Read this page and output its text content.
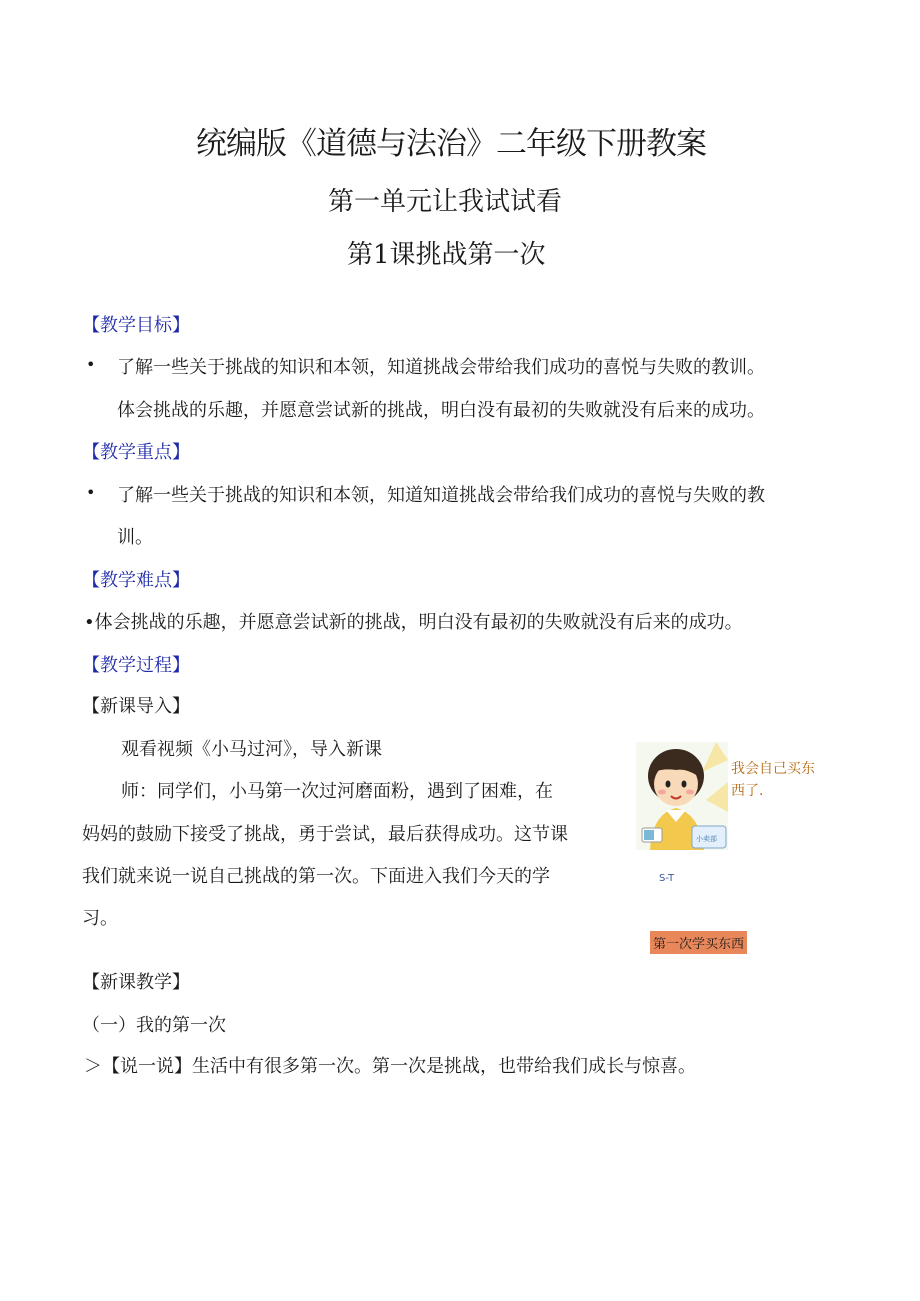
统编版《道德与法治》二年级下册教案
第一单元让我试试看
第1课挑战第一次
【教学目标】
• 了解一些关于挑战的知识和本领，知道挑战会带给我们成功的喜悦与失败的教训。
体会挑战的乐趣，并愿意尝试新的挑战，明白没有最初的失败就没有后来的成功。
【教学重点】
• 了解一些关于挑战的知识和本领，知道知道挑战会带给我们成功的喜悦与失败的教
训。
【教学难点】
•体会挑战的乐趣，并愿意尝试新的挑战，明白没有最初的失败就没有后来的成功。
【教学过程】
【新课导入】
观看视频《小马过河》，导入新课
师：同学们，小马第一次过河磨面粉，遇到了困难，在
妈妈的鼓励下接受了挑战，勇于尝试，最后获得成功。这节课
我们就来说一说自己挑战的第一次。下面进入我们今天的学
习。
小卖部
我会自己买东西了.
S-T
第一次学买东西
【新课教学】
（一）我的第一次
＞【说一说】生活中有很多第一次。第一次是挑战，也带给我们成长与惊喜。
